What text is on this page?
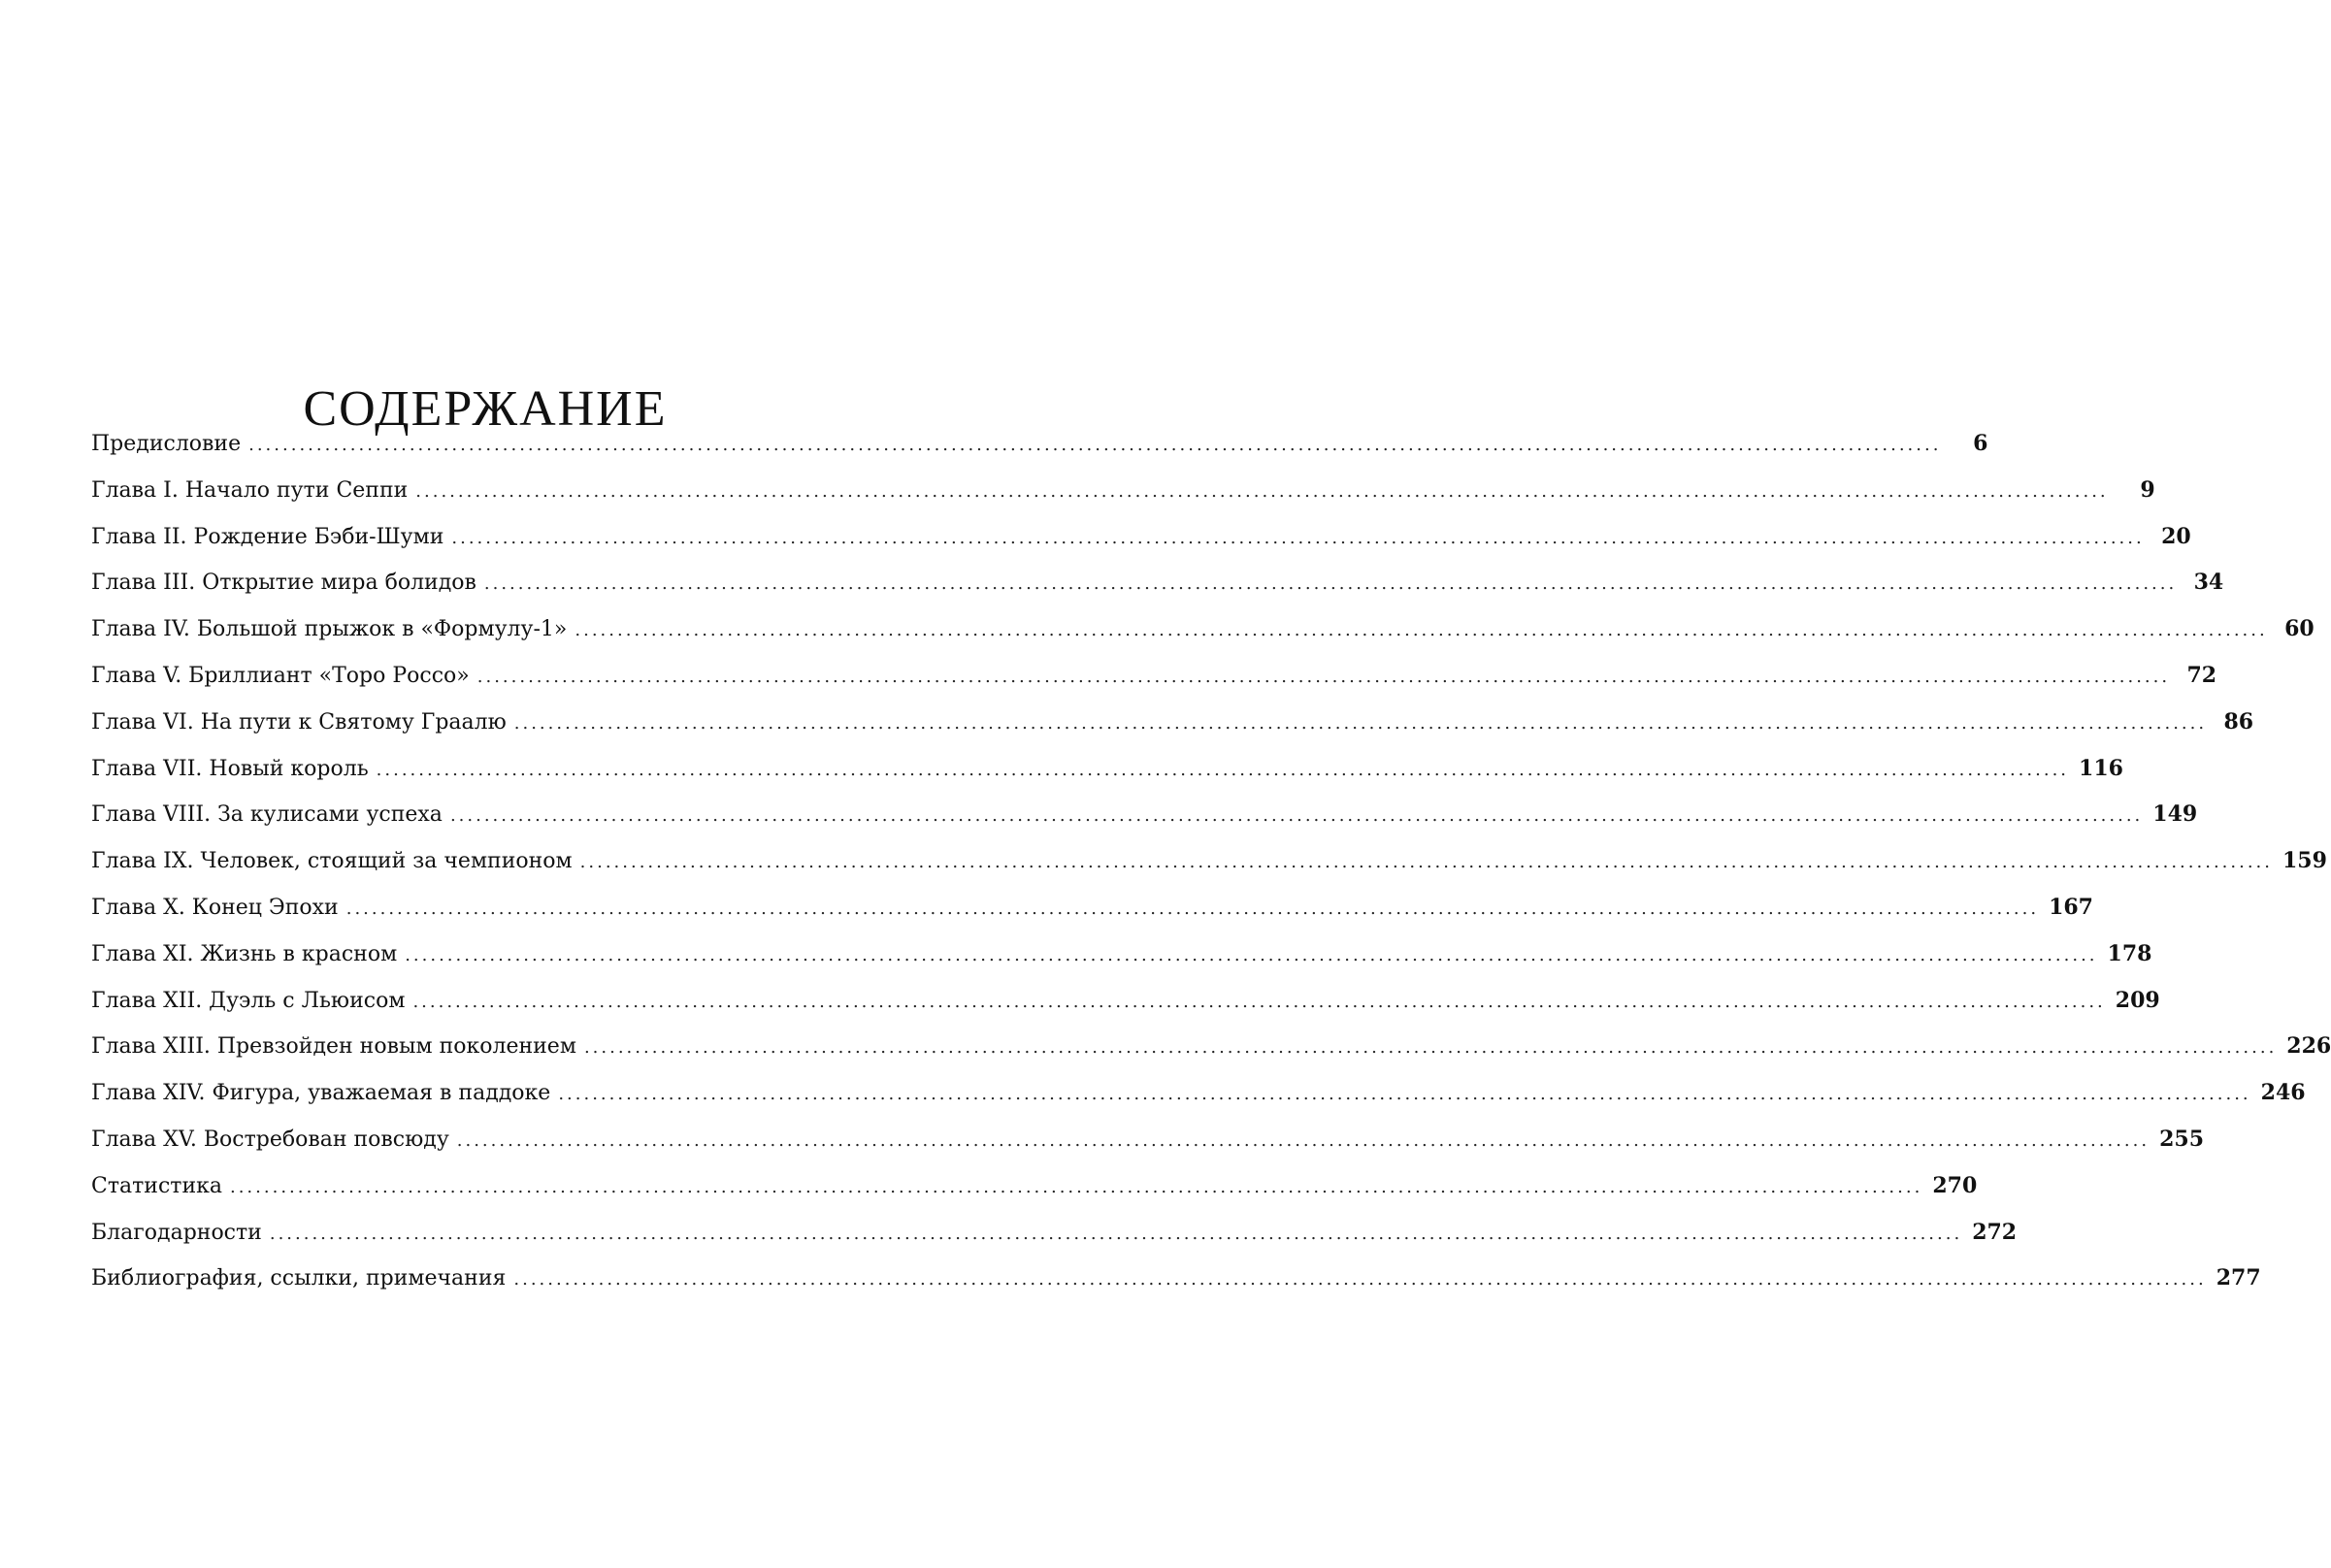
СОДЕРЖАНИЕ
Предисловие ........................................................................................................................................................................................................	6
Глава I. Начало пути Сеппи ........................................................................................................................................................................................................	9
Глава II. Рождение Бэби-Шуми ........................................................................................................................................................................................................ 20
Глава III. Открытие мира болидов ........................................................................................................................................................................................................ 34
Глава IV. Большой прыжок в «Формулу-1» ........................................................................................................................................................................................................ 60
Глава V. Бриллиант «Торо Россо» ........................................................................................................................................................................................................ 72
Глава VI. На пути к Святому Граалю ........................................................................................................................................................................................................ 86
Глава VII. Новый король ........................................................................................................................................................................................................ 116
Глава VIII. За кулисами успеха ........................................................................................................................................................................................................ 149
Глава IX. Человек, стоящий за чемпионом ........................................................................................................................................................................................................ 159
Глава X. Конец Эпохи ........................................................................................................................................................................................................ 167
Глава XI. Жизнь в красном ........................................................................................................................................................................................................ 178
Глава XII. Дуэль с Льюисом ........................................................................................................................................................................................................ 209
Глава XIII. Превзойден новым поколением ........................................................................................................................................................................................................ 226
Глава XIV. Фигура, уважаемая в паддоке ........................................................................................................................................................................................................ 246
Глава XV. Востребован повсюду ........................................................................................................................................................................................................ 255
Статистика ........................................................................................................................................................................................................ 270
Благодарности ........................................................................................................................................................................................................ 272
Библиография, ссылки, примечания ........................................................................................................................................................................................................ 277
